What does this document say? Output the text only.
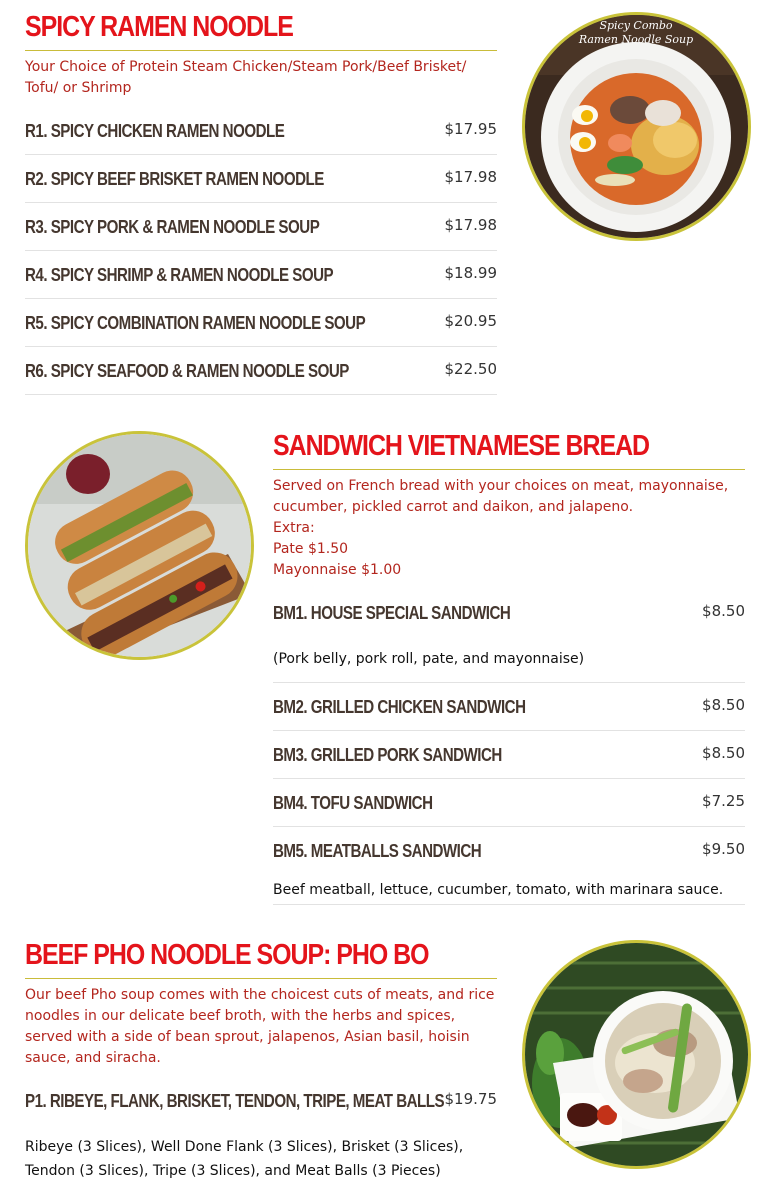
SPICY RAMEN NOODLE
Your Choice of Protein Steam Chicken/Steam Pork/Beef Brisket/ Tofu/ or Shrimp
R1. SPICY CHICKEN RAMEN NOODLE	$17.95
R2. SPICY BEEF BRISKET RAMEN NOODLE	$17.98
R3. SPICY PORK & RAMEN NOODLE SOUP	$17.98
R4. SPICY SHRIMP & RAMEN NOODLE SOUP	$18.99
R5. SPICY COMBINATION RAMEN NOODLE SOUP	$20.95
R6. SPICY SEAFOOD & RAMEN NOODLE SOUP	$22.50
Spicy Combo
Ramen Noodle Soup
SANDWICH VIETNAMESE BREAD
Served on French bread with your choices on meat, mayonnaise,
cucumber, pickled carrot and daikon, and jalapeno.
Extra:
Pate $1.50
Mayonnaise $1.00
BM1. HOUSE SPECIAL SANDWICH	$8.50
(Pork belly, pork roll, pate, and mayonnaise)
BM2. GRILLED CHICKEN SANDWICH	$8.50
BM3. GRILLED PORK SANDWICH	$8.50
BM4. TOFU SANDWICH	$7.25
BM5. MEATBALLS SANDWICH	$9.50
Beef meatball, lettuce, cucumber, tomato, with marinara sauce.
BEEF PHO NOODLE SOUP: PHO BO
Our beef Pho soup comes with the choicest cuts of meats, and rice noodles in our delicate beef broth, with the herbs and spices, served with a side of bean sprout, jalapenos, Asian basil, hoisin sauce, and siracha.
P1. RIBEYE, FLANK, BRISKET, TENDON, TRIPE, MEAT BALLS $19.75
Ribeye (3 Slices), Well Done Flank (3 Slices), Brisket (3 Slices),
Tendon (3 Slices), Tripe (3 Slices), and Meat Balls (3 Pieces)
